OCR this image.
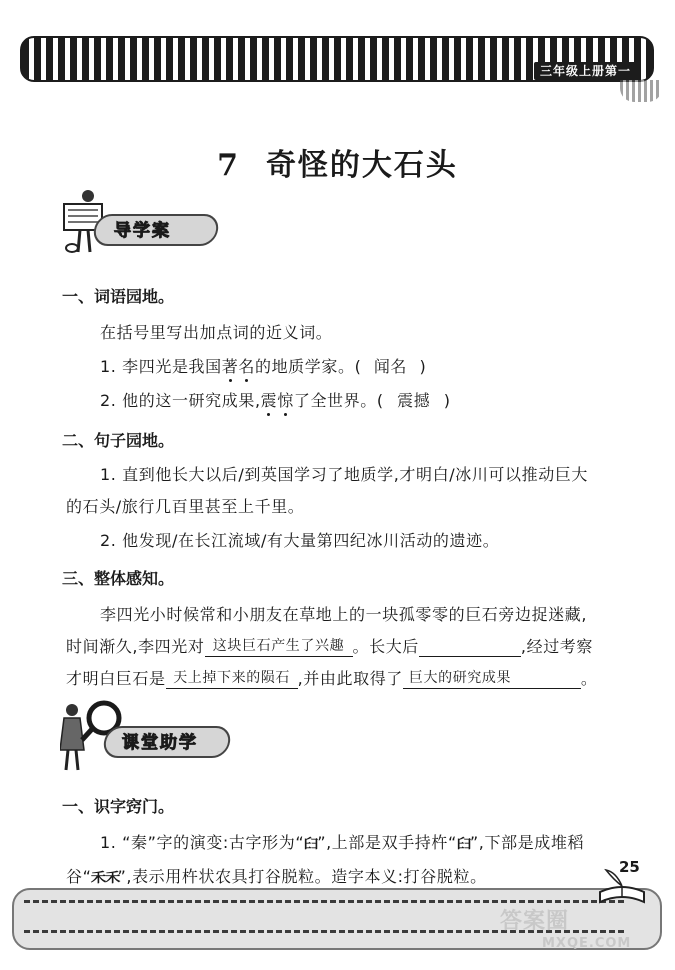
三年级上册第一
7 奇怪的大石头
导学案
一、词语园地。
在括号里写出加点词的近义词。
1. 李四光是我国著名的地质学家。( 闻名 )
2. 他的这一研究成果,震惊了全世界。( 震撼 )
二、句子园地。
1. 直到他长大以后/到英国学习了地质学,才明白/冰川可以推动巨大
的石头/旅行几百里甚至上千里。
2. 他发现/在长江流域/有大量第四纪冰川活动的遗迹。
三、整体感知。
李四光小时候常和小朋友在草地上的一块孤零零的巨石旁边捉迷藏,
时间渐久,李四光对 这块巨石产生了兴趣 。长大后	,经过考察
才明白巨石是 天上掉下来的陨石 ,并由此取得了 巨大的研究成果	。
课堂助学
一、识字窍门。
1. “秦”字的演变:古字形为“𦥑”,上部是双手持杵“𦥑”,下部是成堆稻
谷“禾禾”,表示用杵状农具打谷脱粒。造字本义:打谷脱粒。	25
答案圈
MXQE.COM
